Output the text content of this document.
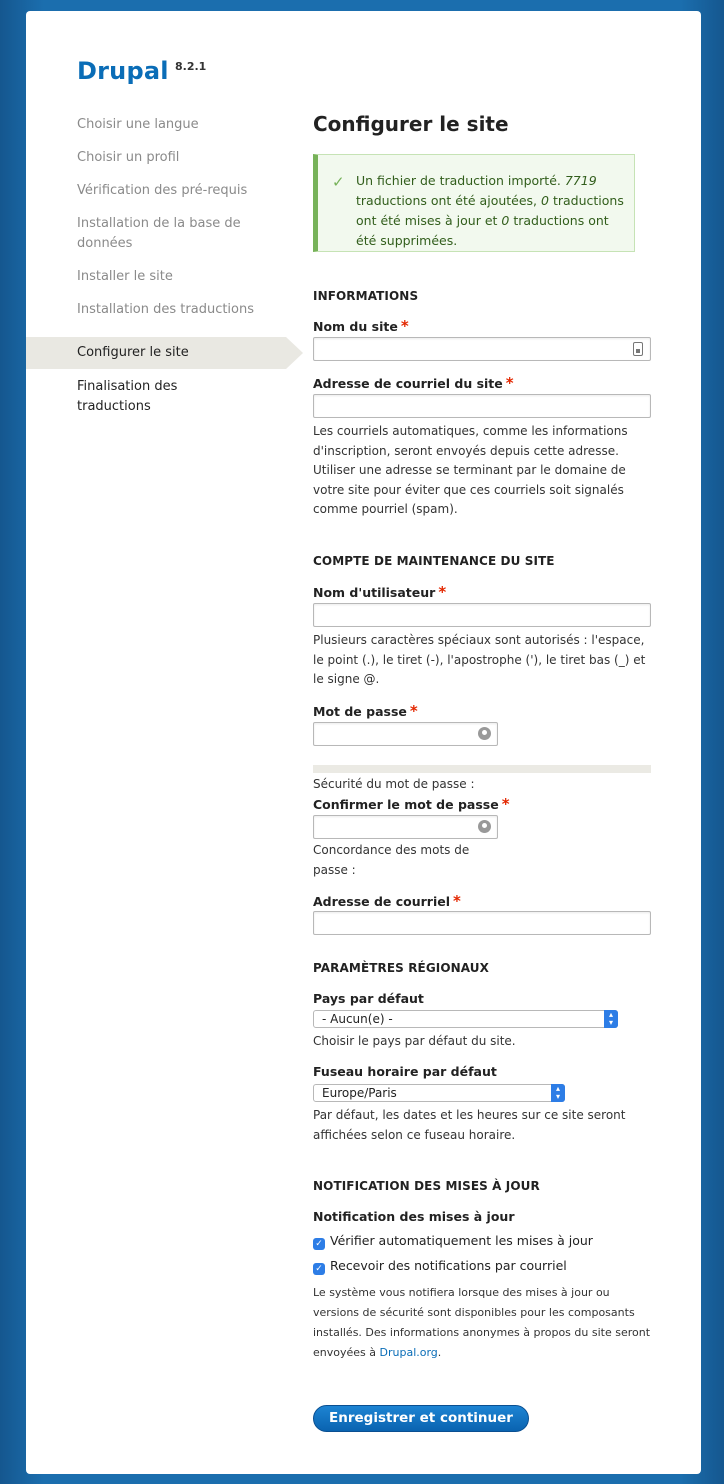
Drupal 8.2.1
Choisir une langue
Choisir un profil
Vérification des pré-requis
Installation de la base de données
Installer le site
Installation des traductions
Configurer le site
Finalisation des traductions
Configurer le site
✓ Un fichier de traduction importé. 7719 traductions ont été ajoutées, 0 traductions ont été mises à jour et 0 traductions ont été supprimées.
INFORMATIONS
Nom du site *
Adresse de courriel du site *
Les courriels automatiques, comme les informations d'inscription, seront envoyés depuis cette adresse. Utiliser une adresse se terminant par le domaine de votre site pour éviter que ces courriels soit signalés comme pourriel (spam).
COMPTE DE MAINTENANCE DU SITE
Nom d'utilisateur *
Plusieurs caractères spéciaux sont autorisés : l'espace, le point (.), le tiret (-), l'apostrophe ('), le tiret bas (_) et le signe @.
Mot de passe *
Sécurité du mot de passe :
Confirmer le mot de passe *
Concordance des mots de passe :
Adresse de courriel *
PARAMÈTRES RÉGIONAUX
Pays par défaut
- Aucun(e) -	▴
▾
Choisir le pays par défaut du site.
Fuseau horaire par défaut
Europe/Paris	▴
▾
Par défaut, les dates et les heures sur ce site seront affichées selon ce fuseau horaire.
NOTIFICATION DES MISES À JOUR
Notification des mises à jour
✓ Vérifier automatiquement les mises à jour
✓ Recevoir des notifications par courriel
Le système vous notifiera lorsque des mises à jour ou versions de sécurité sont disponibles pour les composants installés. Des informations anonymes à propos du site seront envoyées à Drupal.org.
Enregistrer et continuer
